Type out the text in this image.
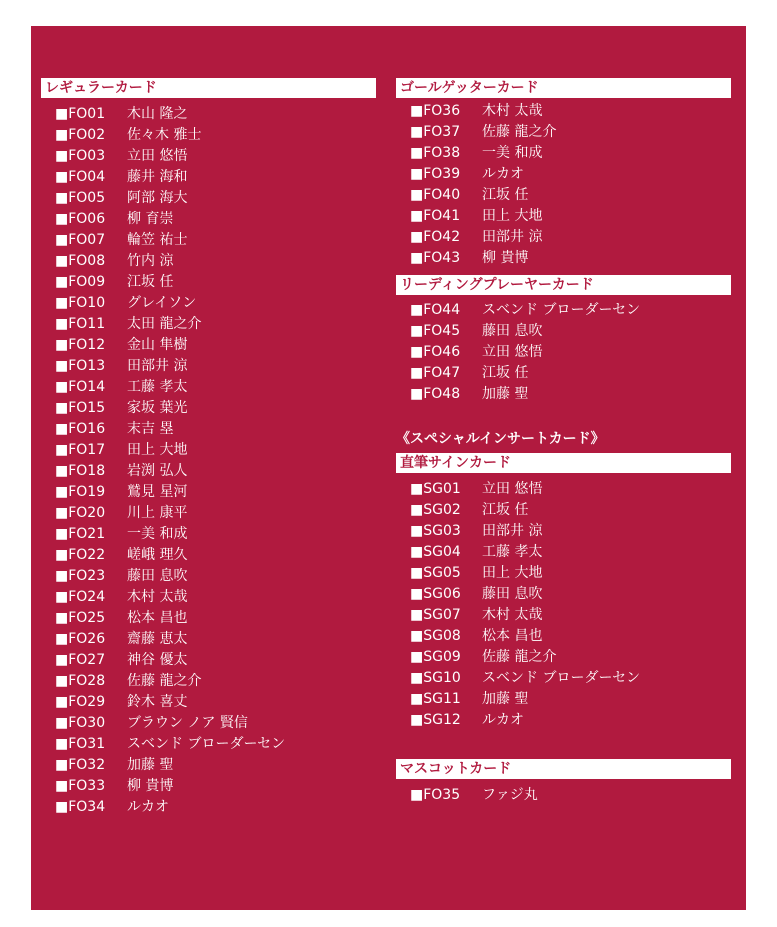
レギュラーカード
■FO01	木山 隆之
■FO02	佐々木 雅士
■FO03	立田 悠悟
■FO04	藤井 海和
■FO05	阿部 海大
■FO06	柳 育崇
■FO07	輪笠 祐士
■FO08	竹内 涼
■FO09	江坂 任
■FO10	グレイソン
■FO11	太田 龍之介
■FO12	金山 隼樹
■FO13	田部井 涼
■FO14	工藤 孝太
■FO15	家坂 葉光
■FO16	末吉 塁
■FO17	田上 大地
■FO18	岩渕 弘人
■FO19	鷲見 星河
■FO20	川上 康平
■FO21	一美 和成
■FO22	嵯峨 理久
■FO23	藤田 息吹
■FO24	木村 太哉
■FO25	松本 昌也
■FO26	齋藤 恵太
■FO27	神谷 優太
■FO28	佐藤 龍之介
■FO29	鈴木 喜丈
■FO30	ブラウン ノア 賢信
■FO31	スベンド ブローダーセン
■FO32	加藤 聖
■FO33	柳 貴博
■FO34	ルカオ
ゴールゲッターカード
■FO36	木村 太哉
■FO37	佐藤 龍之介
■FO38	一美 和成
■FO39	ルカオ
■FO40	江坂 任
■FO41	田上 大地
■FO42	田部井 涼
■FO43	柳 貴博
リーディングプレーヤーカード
■FO44	スベンド ブローダーセン
■FO45	藤田 息吹
■FO46	立田 悠悟
■FO47	江坂 任
■FO48	加藤 聖
《スペシャルインサートカード》
直筆サインカード
■SG01	立田 悠悟
■SG02	江坂 任
■SG03	田部井 涼
■SG04	工藤 孝太
■SG05	田上 大地
■SG06	藤田 息吹
■SG07	木村 太哉
■SG08	松本 昌也
■SG09	佐藤 龍之介
■SG10	スベンド ブローダーセン
■SG11	加藤 聖
■SG12	ルカオ
マスコットカード
■FO35	ファジ丸
